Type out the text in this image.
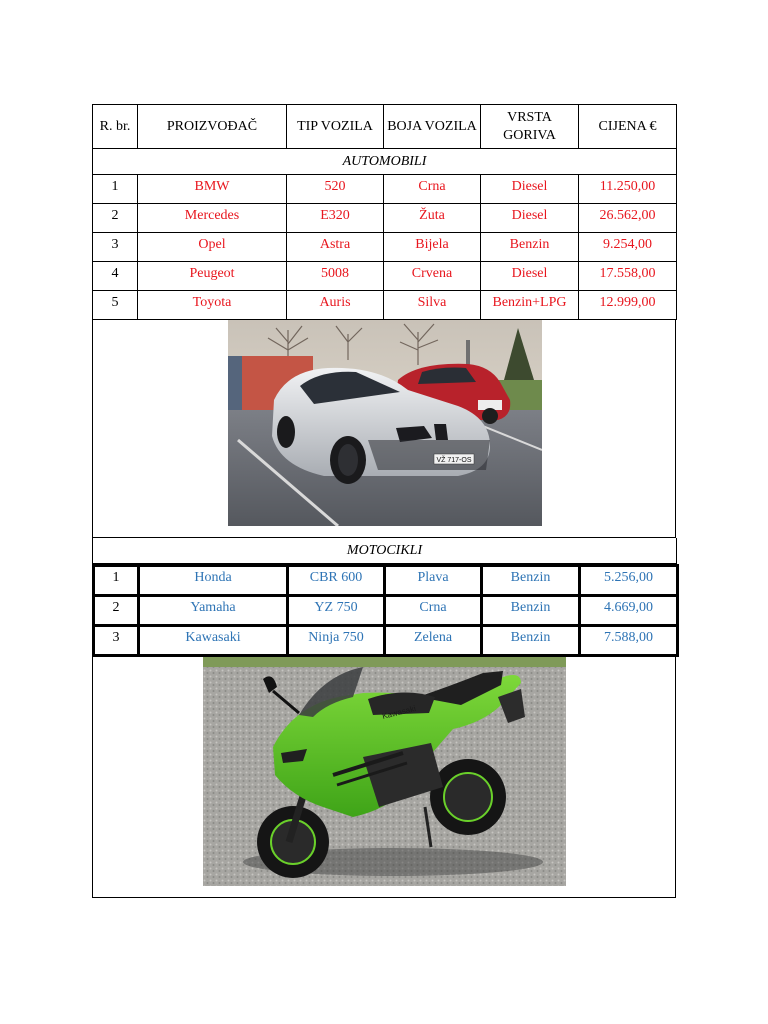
R. br.	PROIZVOĐAČ	TIP VOZILA	BOJA VOZILA	VRSTA GORIVA	CIJENA €
AUTOMOBILI					
1	BMW	520	Crna	Diesel	11.250,00
2	Mercedes	E320	Žuta	Diesel	26.562,00
3	Opel	Astra	Bijela	Benzin	9.254,00
4	Peugeot	5008	Crvena	Diesel	17.558,00
5	Toyota	Auris	Silva	Benzin+LPG	12.999,00
VŽ 717-OS
MOTOCIKLI
1	Honda	CBR 600	Plava	Benzin	5.256,00
2	Yamaha	YZ 750	Crna	Benzin	4.669,00
3	Kawasaki	Ninja 750	Zelena	Benzin	7.588,00
Kawasaki
